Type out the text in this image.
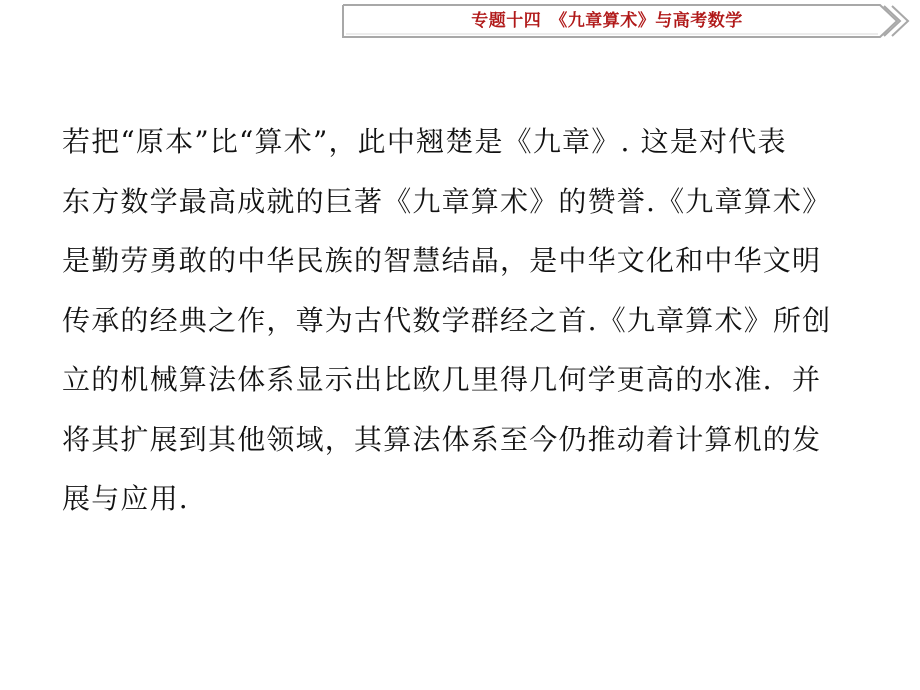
专题十四　《九章算术》与高考数学
若把“原本”比“算术”，此中翘楚是《九章》. 这是对代表
东方数学最高成就的巨著《九章算术》的赞誉.《九章算术》
是勤劳勇敢的中华民族的智慧结晶，是中华文化和中华文明
传承的经典之作，尊为古代数学群经之首.《九章算术》所创
立的机械算法体系显示出比欧几里得几何学更高的水准．并
将其扩展到其他领域，其算法体系至今仍推动着计算机的发
展与应用.
